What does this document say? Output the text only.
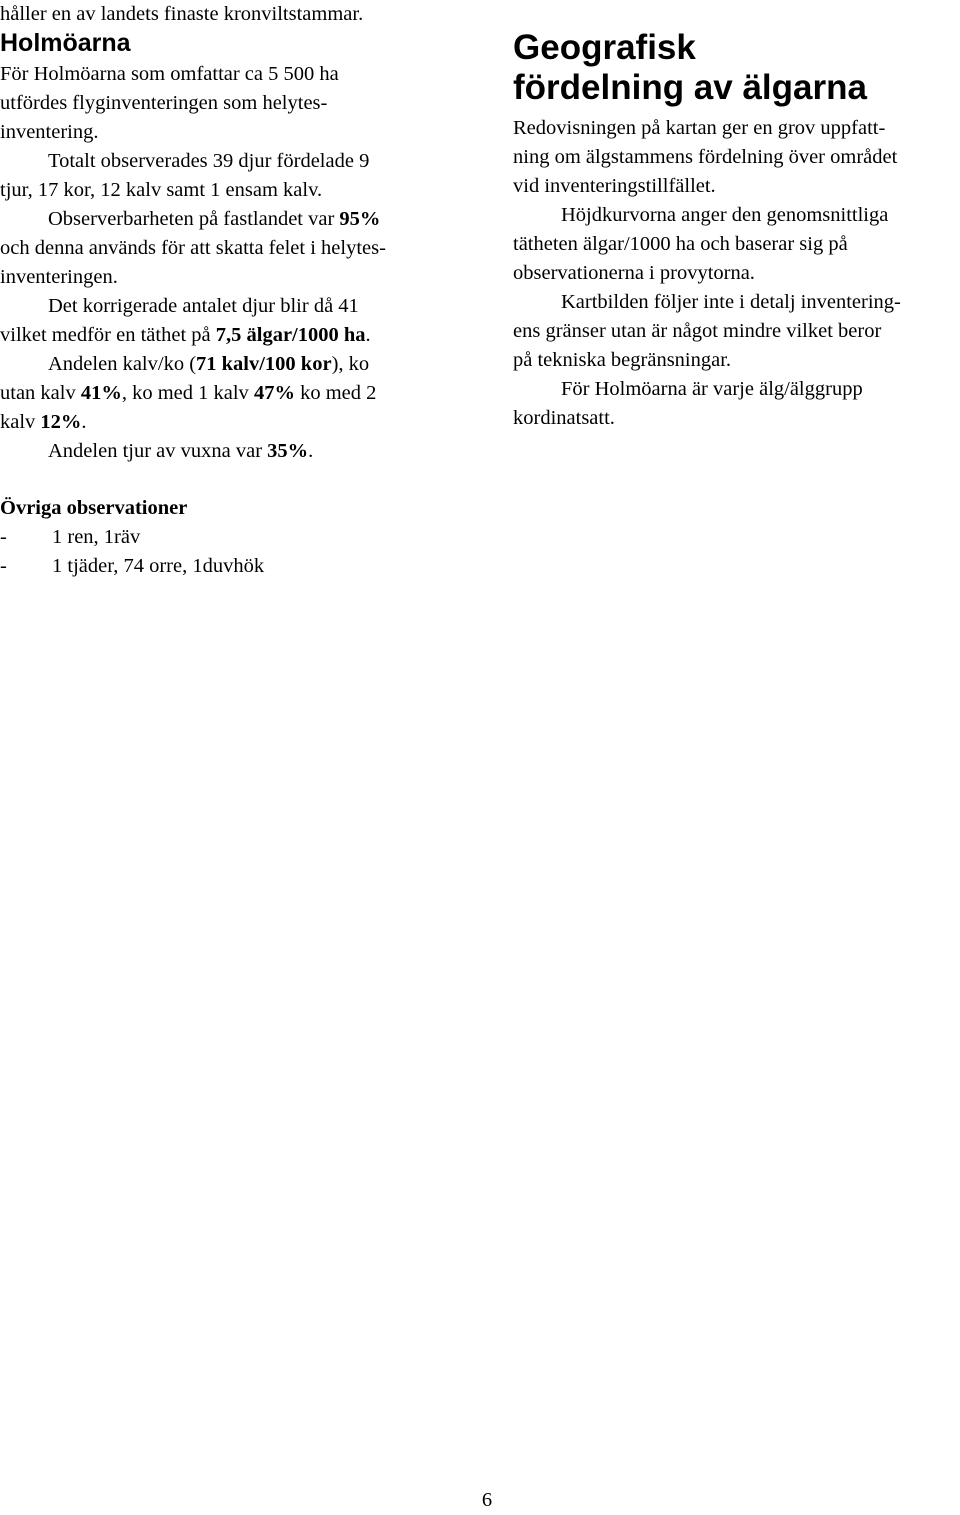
håller en av landets finaste kronviltstammar.
Holmöarna
För Holmöarna som omfattar ca 5 500 ha
utfördes flyginventeringen som helytes-
inventering.
Totalt observerades 39 djur fördelade 9
tjur, 17 kor, 12 kalv samt 1 ensam kalv.
Observerbarheten på fastlandet var 95%
och denna används för att skatta felet i helytes-
inventeringen.
Det korrigerade antalet djur blir då 41
vilket medför en täthet på 7,5 älgar/1000 ha.
Andelen kalv/ko (71 kalv/100 kor), ko
utan kalv 41%, ko med 1 kalv 47% ko med 2
kalv 12%.
Andelen tjur av vuxna var 35%.
Geografisk
fördelning av älgarna
Redovisningen på kartan ger en grov uppfatt-
ning om älgstammens fördelning över området
vid inventeringstillfället.
Höjdkurvorna anger den genomsnittliga
tätheten älgar/1000 ha och baserar sig på
observationerna i provytorna.
Kartbilden följer inte i detalj inventering-
ens gränser utan är något mindre vilket beror
på tekniska begränsningar.
För Holmöarna är varje älg/älggrupp
kordinatsatt.
Övriga observationer
- 1 ren, 1räv
- 1 tjäder, 74 orre, 1duvhök
6
